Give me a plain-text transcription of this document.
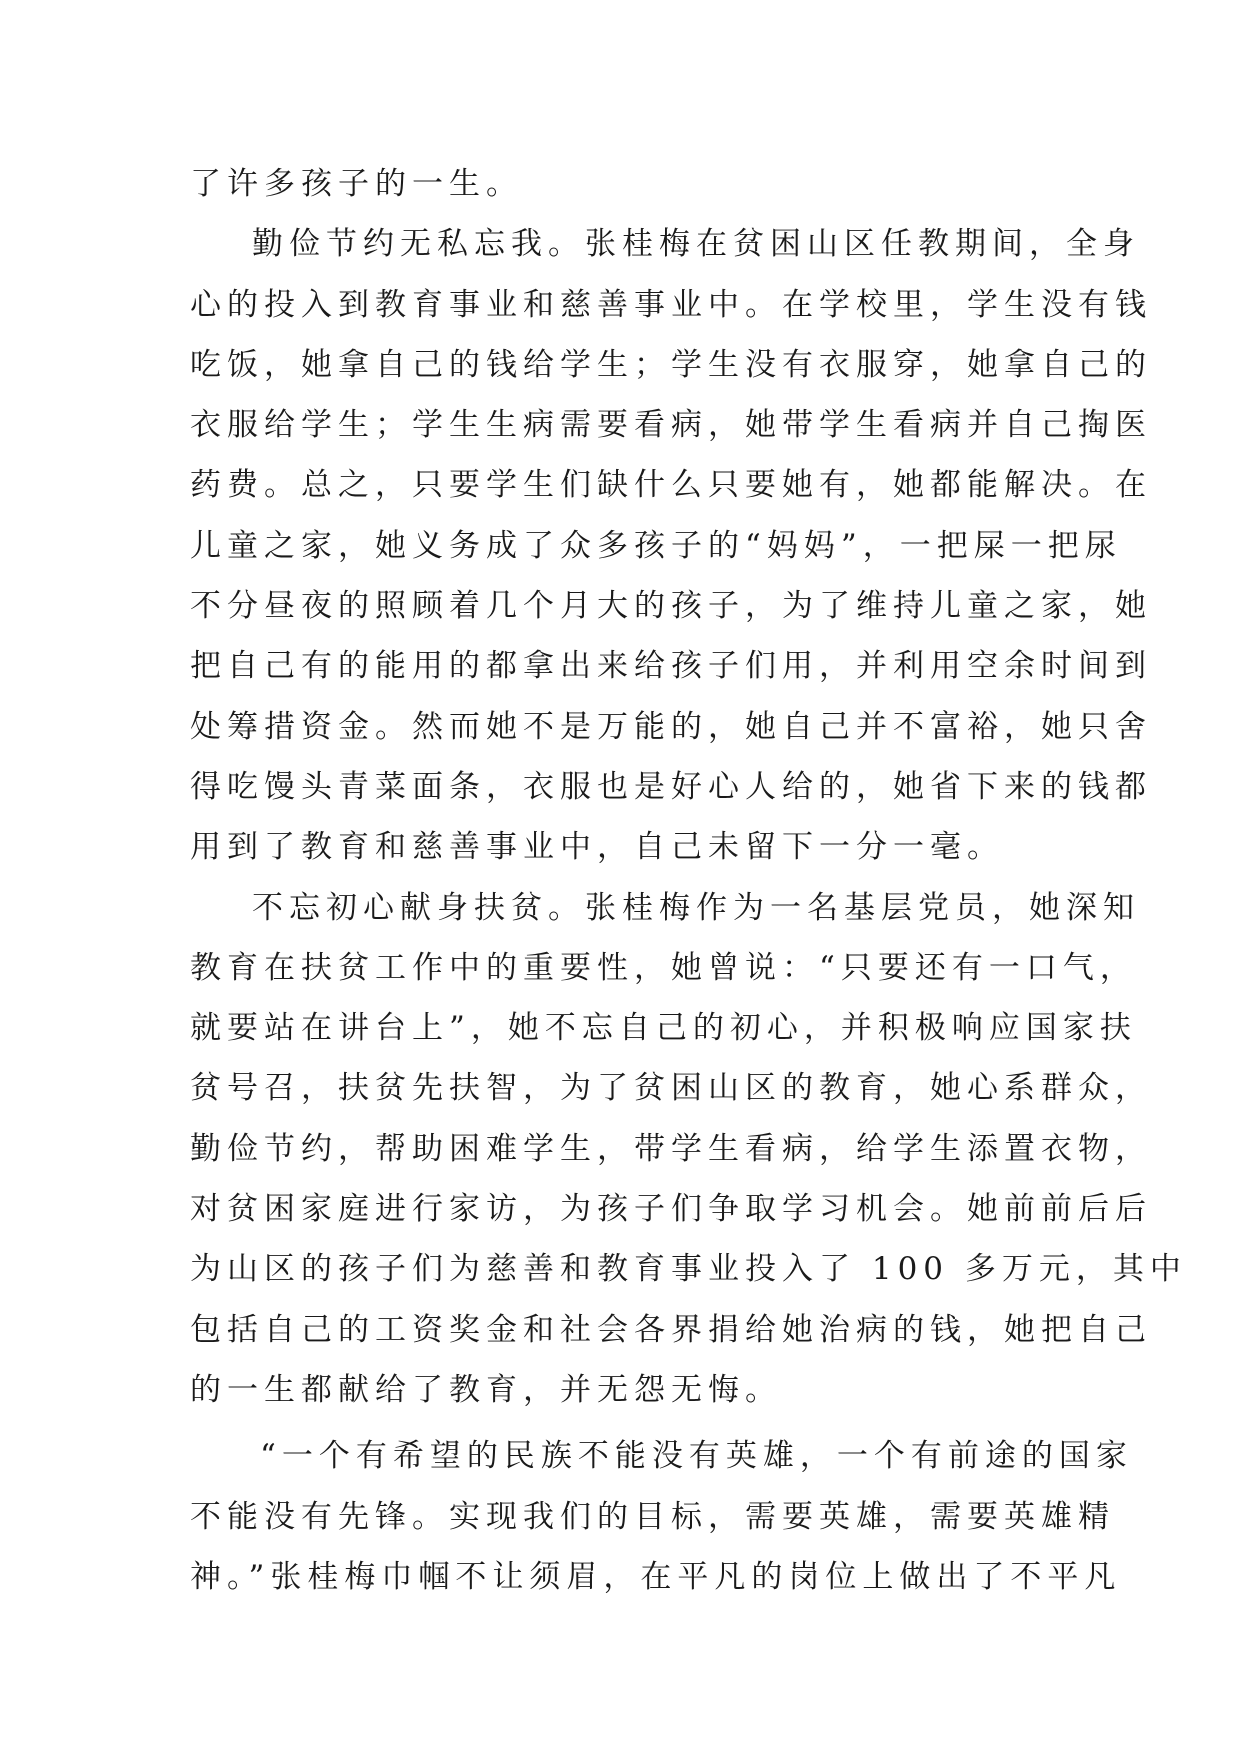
了许多孩子的一生。
勤俭节约无私忘我。张桂梅在贫困山区任教期间，全身
心的投入到教育事业和慈善事业中。在学校里，学生没有钱
吃饭，她拿自己的钱给学生；学生没有衣服穿，她拿自己的
衣服给学生；学生生病需要看病，她带学生看病并自己掏医
药费。总之，只要学生们缺什么只要她有，她都能解决。在
儿童之家，她义务成了众多孩子的“妈妈”，一把屎一把尿
不分昼夜的照顾着几个月大的孩子，为了维持儿童之家，她
把自己有的能用的都拿出来给孩子们用，并利用空余时间到
处筹措资金。然而她不是万能的，她自己并不富裕，她只舍
得吃馒头青菜面条，衣服也是好心人给的，她省下来的钱都
用到了教育和慈善事业中，自己未留下一分一毫。
不忘初心献身扶贫。张桂梅作为一名基层党员，她深知
教育在扶贫工作中的重要性，她曾说：“只要还有一口气，
就要站在讲台上”，她不忘自己的初心，并积极响应国家扶
贫号召，扶贫先扶智，为了贫困山区的教育，她心系群众，
勤俭节约，帮助困难学生，带学生看病，给学生添置衣物，
对贫困家庭进行家访，为孩子们争取学习机会。她前前后后
为山区的孩子们为慈善和教育事业投入了 100 多万元，其中
包括自己的工资奖金和社会各界捐给她治病的钱，她把自己
的一生都献给了教育，并无怨无悔。
“一个有希望的民族不能没有英雄，一个有前途的国家
不能没有先锋。实现我们的目标，需要英雄，需要英雄精
神。”张桂梅巾帼不让须眉，在平凡的岗位上做出了不平凡
